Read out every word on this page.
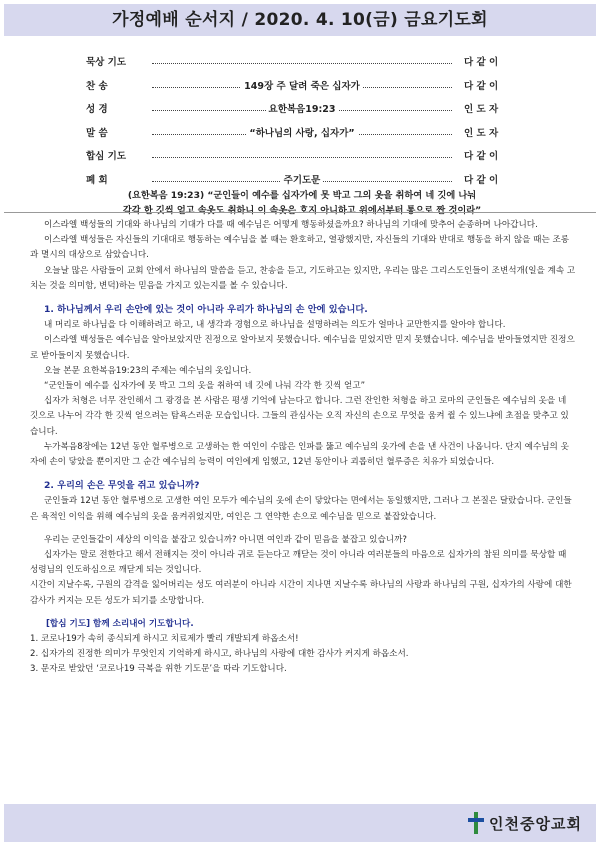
가정예배 순서지 / 2020. 4. 10(금) 금요기도회
묵상 기도	다 같 이
찬 송	149장 주 달려 죽은 십자가	다 같 이
성 경	요한복음19:23	인 도 자
말 씀	“하나님의 사랑, 십자가”	인 도 자
합심 기도	다 같 이
폐 회	주기도문	다 같 이
(요한복음 19:23) “군인들이 예수를 십자가에 못 박고 그의 옷을 취하여 네 깃에 나눠
각각 한 깃씩 얻고 속옷도 취하니 이 속옷은 호지 아니하고 위에서부터 통으로 짠 것이라”

이스라엘 백성들의 기대와 하나님의 기대가 다를 때 예수님은 어떻게 행동하셨을까요? 하나님의 기대에 맞추어 순종하며 나아갑니다.

이스라엘 백성들은 자신들의 기대대로 행동하는 예수님을 볼 때는 환호하고, 열광했지만, 자신들의 기대와 반대로 행동을 하지 않을 때는 조롱과 멸시의 대상으로 삼았습니다.

오늘날 많은 사람들이 교회 안에서 하나님의 말씀을 듣고, 찬송을 듣고, 기도하고는 있지만, 우리는 많은 그리스도인들이 조변석개(일을 계속 고치는 것을 의미함, 변덕)하는 믿음을 가지고 있는지를 볼 수 있습니다.

1. 하나님께서 우리 손안에 있는 것이 아니라 우리가 하나님의 손 안에 있습니다.

내 머리로 하나님을 다 이해하려고 하고, 내 생각과 경험으로 하나님을 설명하려는 의도가 얼마나 교만한지를 알아야 합니다.

이스라엘 백성들은 예수님을 알아보았지만 진정으로 알아보지 못했습니다. 예수님을 믿었지만 믿지 못했습니다. 예수님을 받아들였지만 진정으로 받아들이지 못했습니다.

오늘 본문 요한복음19:23의 주제는 예수님의 옷입니다.

“군인들이 예수를 십자가에 못 박고 그의 옷을 취하여 네 깃에 나눠 각각 한 깃씩 얻고”

십자가 처형은 너무 잔인해서 그 광경을 본 사람은 평생 기억에 남는다고 합니다. 그런 잔인한 처형을 하고 로마의 군인들은 예수님의 옷을 네 깃으로 나누어 각각 한 깃씩 얻으려는 탐욕스러운 모습입니다. 그들의 관심사는 오직 자신의 손으로 무엇을 움켜 쥘 수 있느냐에 초점을 맞추고 있습니다.

누가복음8장에는 12년 동안 혈루병으로 고생하는 한 여인이 수많은 인파를 뚫고 예수님의 옷가에 손을 낸 사건이 나옵니다. 단지 예수님의 옷자에 손이 닿았을 뿐이지만 그 순간 예수님의 능력이 여인에게 임했고, 12년 동안이나 괴롭히던 혈루증은 치유가 되었습니다.

2. 우리의 손은 무엇을 쥐고 있습니까?

군인들과 12년 동안 혈루병으로 고생한 여인 모두가 예수님의 옷에 손이 닿았다는 면에서는 동일했지만, 그러나 그 본질은 달랐습니다. 군인들은 육적인 이익을 위해 예수님의 옷을 움켜쥐었지만, 여인은 그 연약한 손으로 예수님을 믿으로 붙잡았습니다.

우리는 군인들같이 세상의 이익을 붙잡고 있습니까? 아니면 여인과 같이 믿음을 붙잡고 있습니까?

십자가는 말로 전한다고 해서 전해지는 것이 아니라 귀로 듣는다고 깨닫는 것이 아니라 여러분들의 마음으로 십자가의 참된 의미를 묵상할 때 성령님의 인도하심으로 깨닫게 되는 것입니다.

시간이 지날수록, 구원의 감격을 잃어버리는 성도 여러분이 아니라 시간이 지나면 지날수록 하나님의 사랑과 하나님의 구원, 십자가의 사랑에 대한 감사가 커지는 모든 성도가 되기를 소망합니다.

[합심 기도] 함께 소리내어 기도합니다.

1. 코로나19가 속히 종식되게 하시고 치료제가 빨리 개발되게 하옵소서!

2. 십자가의 진정한 의미가 무엇인지 기억하게 하시고, 하나님의 사랑에 대한 감사가 커지게 하옵소서.

3. 문자로 받았던 ‘코로나19 극복을 위한 기도문’을 따라 기도합니다.

인천중앙교회
